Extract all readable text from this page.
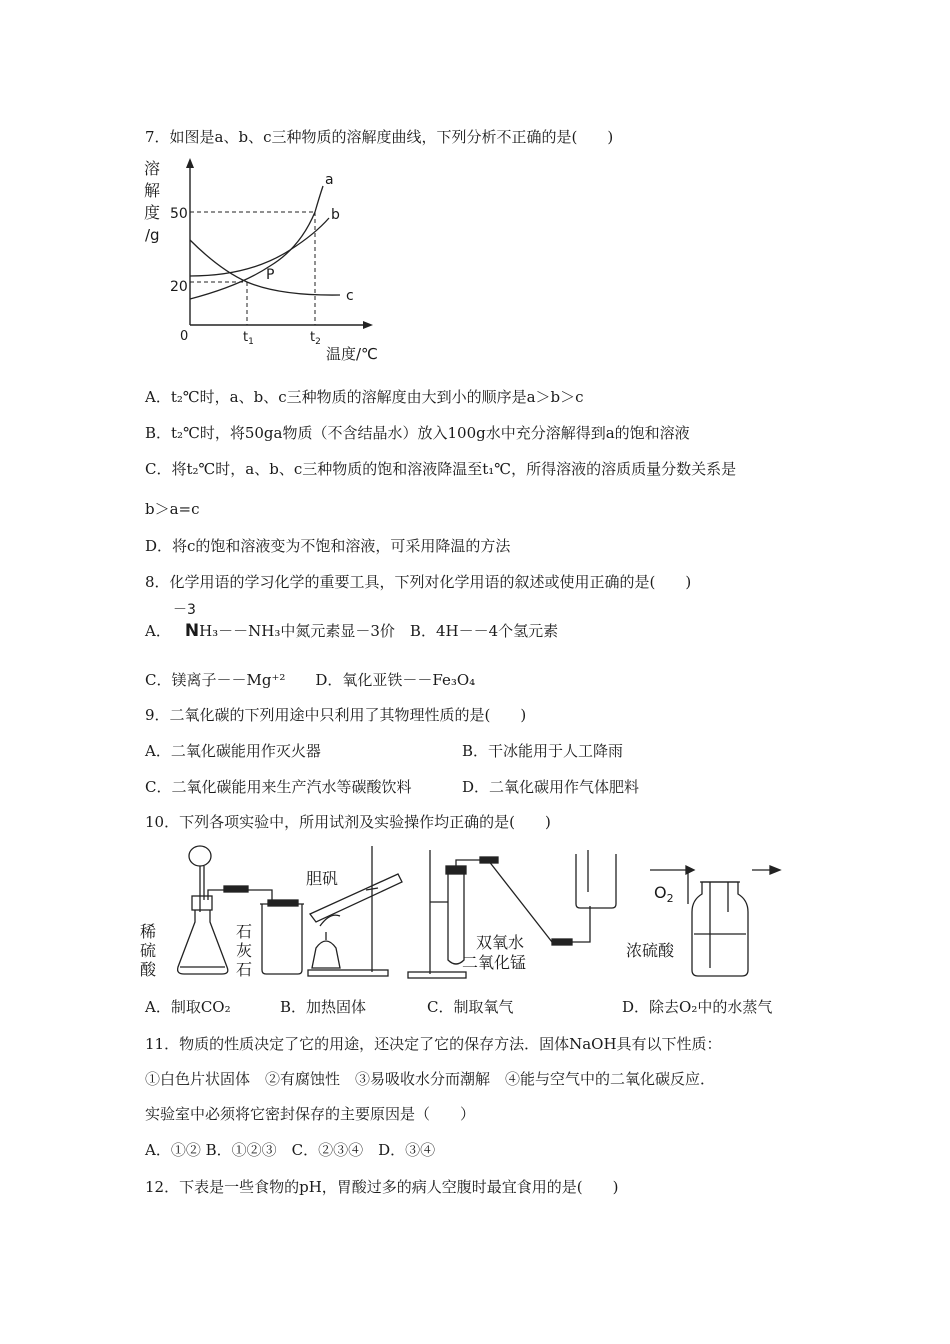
7．如图是a、b、c三种物质的溶解度曲线，下列分析不正确的是(　　)
溶
解
度
/g
0
50
20
a
b
c
P
$t_1$	$t_2$
温度/℃
A．t₂℃时，a、b、c三种物质的溶解度由大到小的顺序是a＞b＞c
B．t₂℃时，将50ga物质（不含结晶水）放入100g水中充分溶解得到a的饱和溶液
C．将t₂℃时，a、b、c三种物质的饱和溶液降温至t₁℃，所得溶液的溶质质量分数关系是
b＞a=c
D．将c的饱和溶液变为不饱和溶液，可采用降温的方法
8．化学用语的学习化学的重要工具，下列对化学用语的叙述或使用正确的是(　　)
－3
A． NH₃－－NH₃中氮元素显－3价　B．4H－－4个氢元素
C．镁离子－－Mg⁺²　　D．氧化亚铁－－Fe₃O₄
9．二氧化碳的下列用途中只利用了其物理性质的是(　　)
A．二氧化碳能用作灭火器	B．干冰能用于人工降雨
C．二氧化碳能用来生产汽水等碳酸饮料	D．二氧化碳用作气体肥料
10．下列各项实验中，所用试剂及实验操作均正确的是(　　)
稀
硫
酸
石
灰
石
胆矾
双氧水
二氧化锰
$O_2$
浓硫酸
A．制取CO₂	B．加热固体	C．制取氧气	D．除去O₂中的水蒸气
11．物质的性质决定了它的用途，还决定了它的保存方法．固体NaOH具有以下性质：
①白色片状固体　②有腐蚀性　③易吸收水分而潮解　④能与空气中的二氧化碳反应．
实验室中必须将它密封保存的主要原因是（　　）
A．①② B．①②③　C．②③④　D．③④
12．下表是一些食物的pH，胃酸过多的病人空腹时最宜食用的是(　　)
